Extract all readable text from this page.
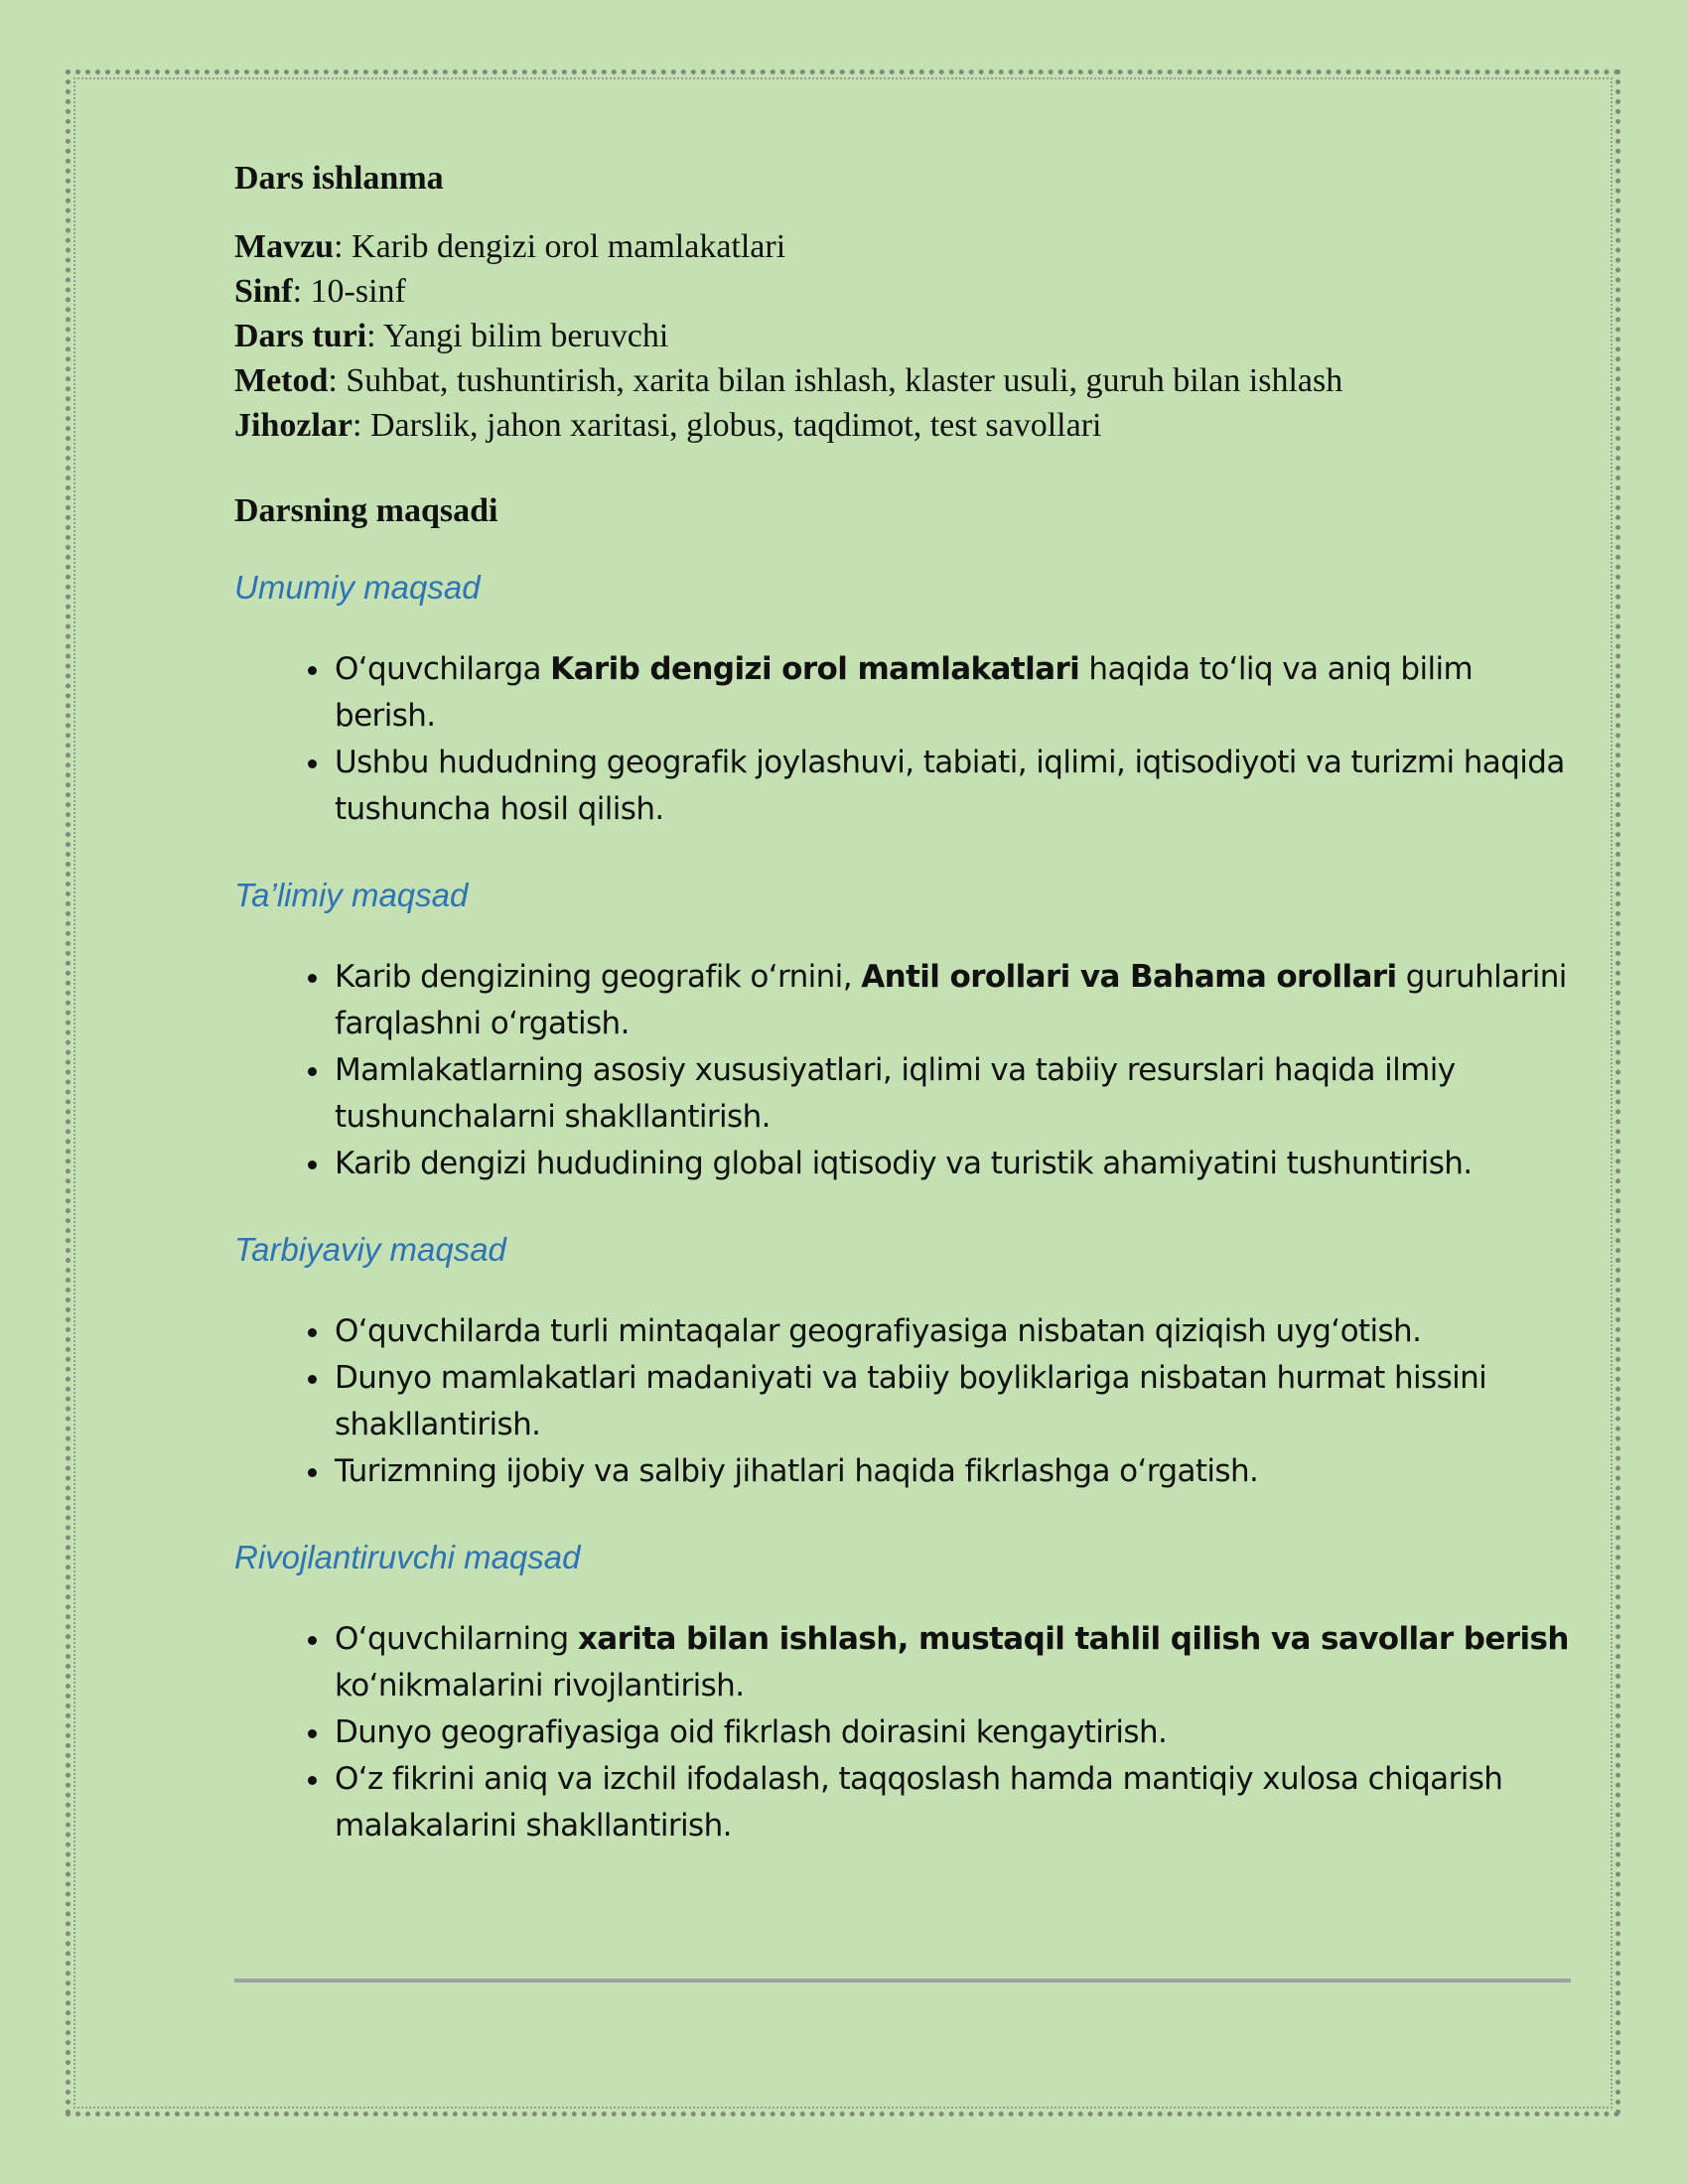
Dars ishlanma

Mavzu: Karib dengizi orol mamlakatlari

Sinf: 10-sinf

Dars turi: Yangi bilim beruvchi

Metod: Suhbat, tushuntirish, xarita bilan ishlash, klaster usuli, guruh bilan ishlash

Jihozlar: Darslik, jahon xaritasi, globus, taqdimot, test savollari

Darsning maqsadi
Umumiy maqsad
• Oʻquvchilarga Karib dengizi orol mamlakatlari haqida toʻliq va aniq bilim berish.
• Ushbu hududning geografik joylashuvi, tabiati, iqlimi, iqtisodiyoti va turizmi haqida tushuncha hosil qilish.
Ta’limiy maqsad
• Karib dengizining geografik oʻrnini, Antil orollari va Bahama orollari guruhlarini farqlashni oʻrgatish.
• Mamlakatlarning asosiy xususiyatlari, iqlimi va tabiiy resurslari haqida ilmiy tushunchalarni shakllantirish.
• Karib dengizi hududining global iqtisodiy va turistik ahamiyatini tushuntirish.
Tarbiyaviy maqsad
• Oʻquvchilarda turli mintaqalar geografiyasiga nisbatan qiziqish uygʻotish.
• Dunyo mamlakatlari madaniyati va tabiiy boyliklariga nisbatan hurmat hissini shakllantirish.
• Turizmning ijobiy va salbiy jihatlari haqida fikrlashga oʻrgatish.
Rivojlantiruvchi maqsad
• Oʻquvchilarning xarita bilan ishlash, mustaqil tahlil qilish va savollar berish koʻnikmalarini rivojlantirish.
• Dunyo geografiyasiga oid fikrlash doirasini kengaytirish.
• Oʻz fikrini aniq va izchil ifodalash, taqqoslash hamda mantiqiy xulosa chiqarish malakalarini shakllantirish.
